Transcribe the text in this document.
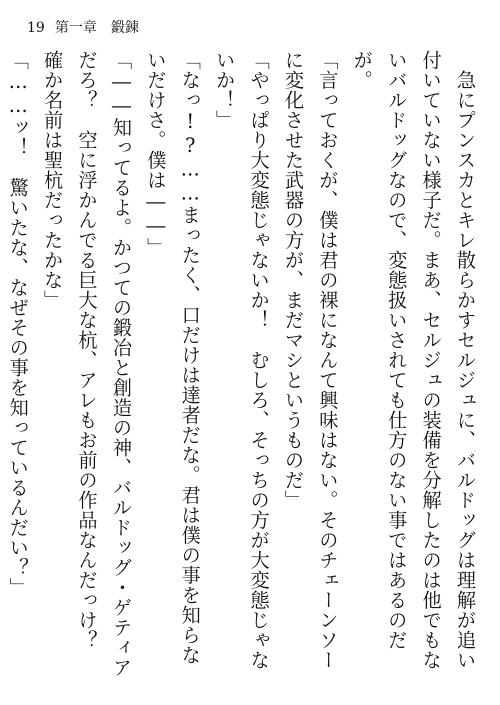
19 第一章　鍛錬

　急にプンスカとキレ散らかすセルジュに、バルドッグは理解が追い付いていない様子だ。まあ、セルジュの装備を分解したのは他でもないバルドッグなので、変態扱いされても仕方のない事ではあるのだが。

「言っておくが、僕は君の裸になんて興味はない。そのチェーンソーに変化させた武器の方が、まだマシというものだ」

「やっぱり大変態じゃないか！　むしろ、そっちの方が大変態じゃないか！」

「なっ!?……まったく、口だけは達者だな。君は僕の事を知らないだけさ。僕は――」

「――知ってるよ。かつての鍛冶と創造の神、バルドッグ・ゲティアだろ？　空に浮かんでる巨大な杭、アレもお前の作品なんだっけ？　確か名前は聖杭だったかな」

「……ッ！　驚いたな、なぜその事を知っているんだい？」
